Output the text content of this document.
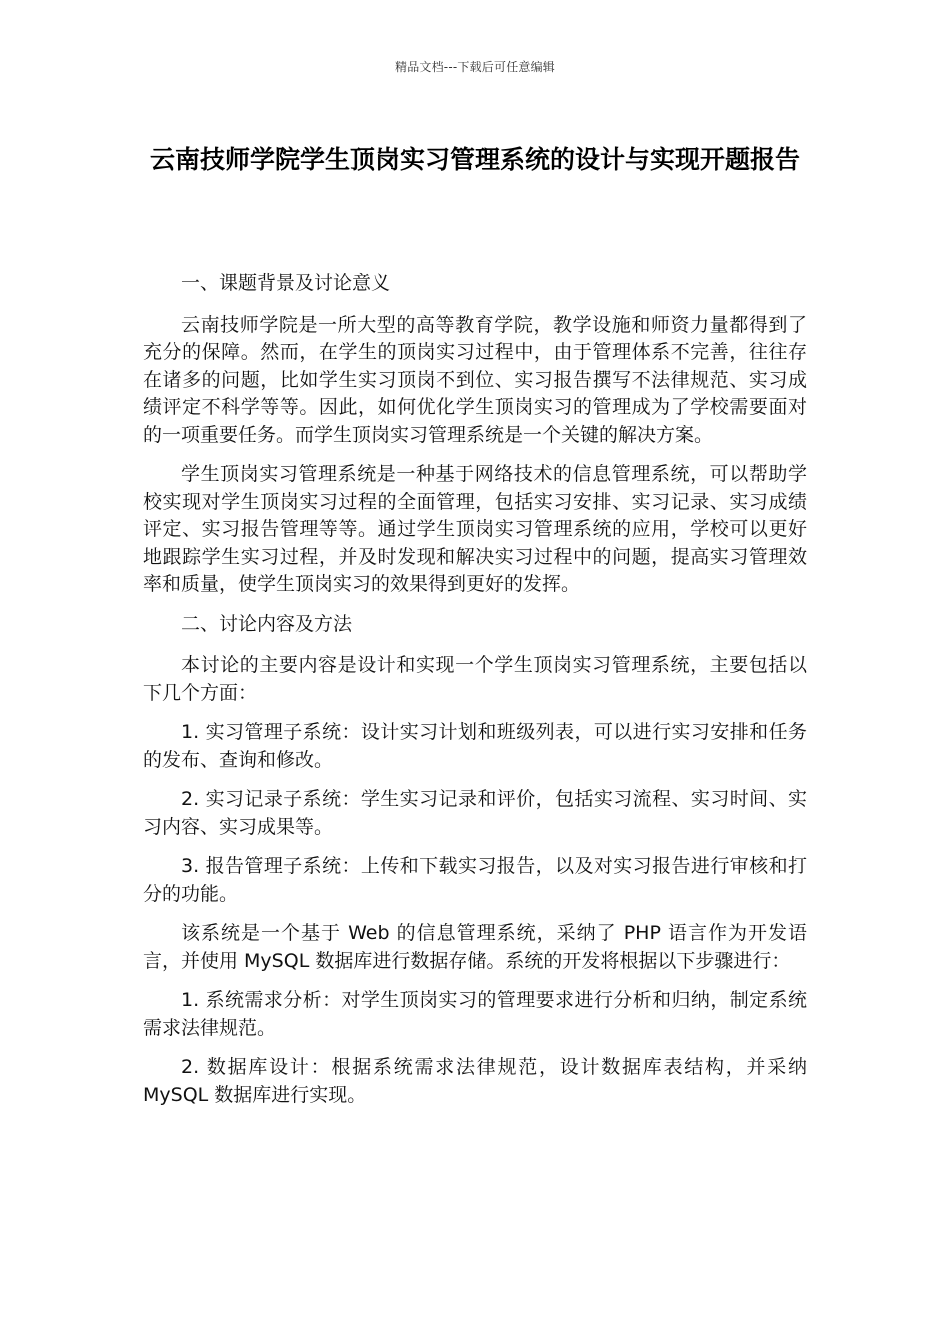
精品文档---下载后可任意编辑
云南技师学院学生顶岗实习管理系统的设计与实现开题报告

一、课题背景及讨论意义

云南技师学院是一所大型的高等教育学院，教学设施和师资力量都得到了充分的保障。然而，在学生的顶岗实习过程中，由于管理体系不完善，往往存在诸多的问题，比如学生实习顶岗不到位、实习报告撰写不法律规范、实习成绩评定不科学等等。因此，如何优化学生顶岗实习的管理成为了学校需要面对的一项重要任务。而学生顶岗实习管理系统是一个关键的解决方案。

学生顶岗实习管理系统是一种基于网络技术的信息管理系统，可以帮助学校实现对学生顶岗实习过程的全面管理，包括实习安排、实习记录、实习成绩评定、实习报告管理等等。通过学生顶岗实习管理系统的应用，学校可以更好地跟踪学生实习过程，并及时发现和解决实习过程中的问题，提高实习管理效率和质量，使学生顶岗实习的效果得到更好的发挥。

二、讨论内容及方法

本讨论的主要内容是设计和实现一个学生顶岗实习管理系统，主要包括以下几个方面：

1. 实习管理子系统：设计实习计划和班级列表，可以进行实习安排和任务的发布、查询和修改。

2. 实习记录子系统：学生实习记录和评价，包括实习流程、实习时间、实习内容、实习成果等。

3. 报告管理子系统：上传和下载实习报告，以及对实习报告进行审核和打分的功能。

该系统是一个基于 Web 的信息管理系统，采纳了 PHP 语言作为开发语言，并使用 MySQL 数据库进行数据存储。系统的开发将根据以下步骤进行：

1. 系统需求分析：对学生顶岗实习的管理要求进行分析和归纳，制定系统需求法律规范。

2. 数据库设计：根据系统需求法律规范，设计数据库表结构，并采纳 MySQL 数据库进行实现。
